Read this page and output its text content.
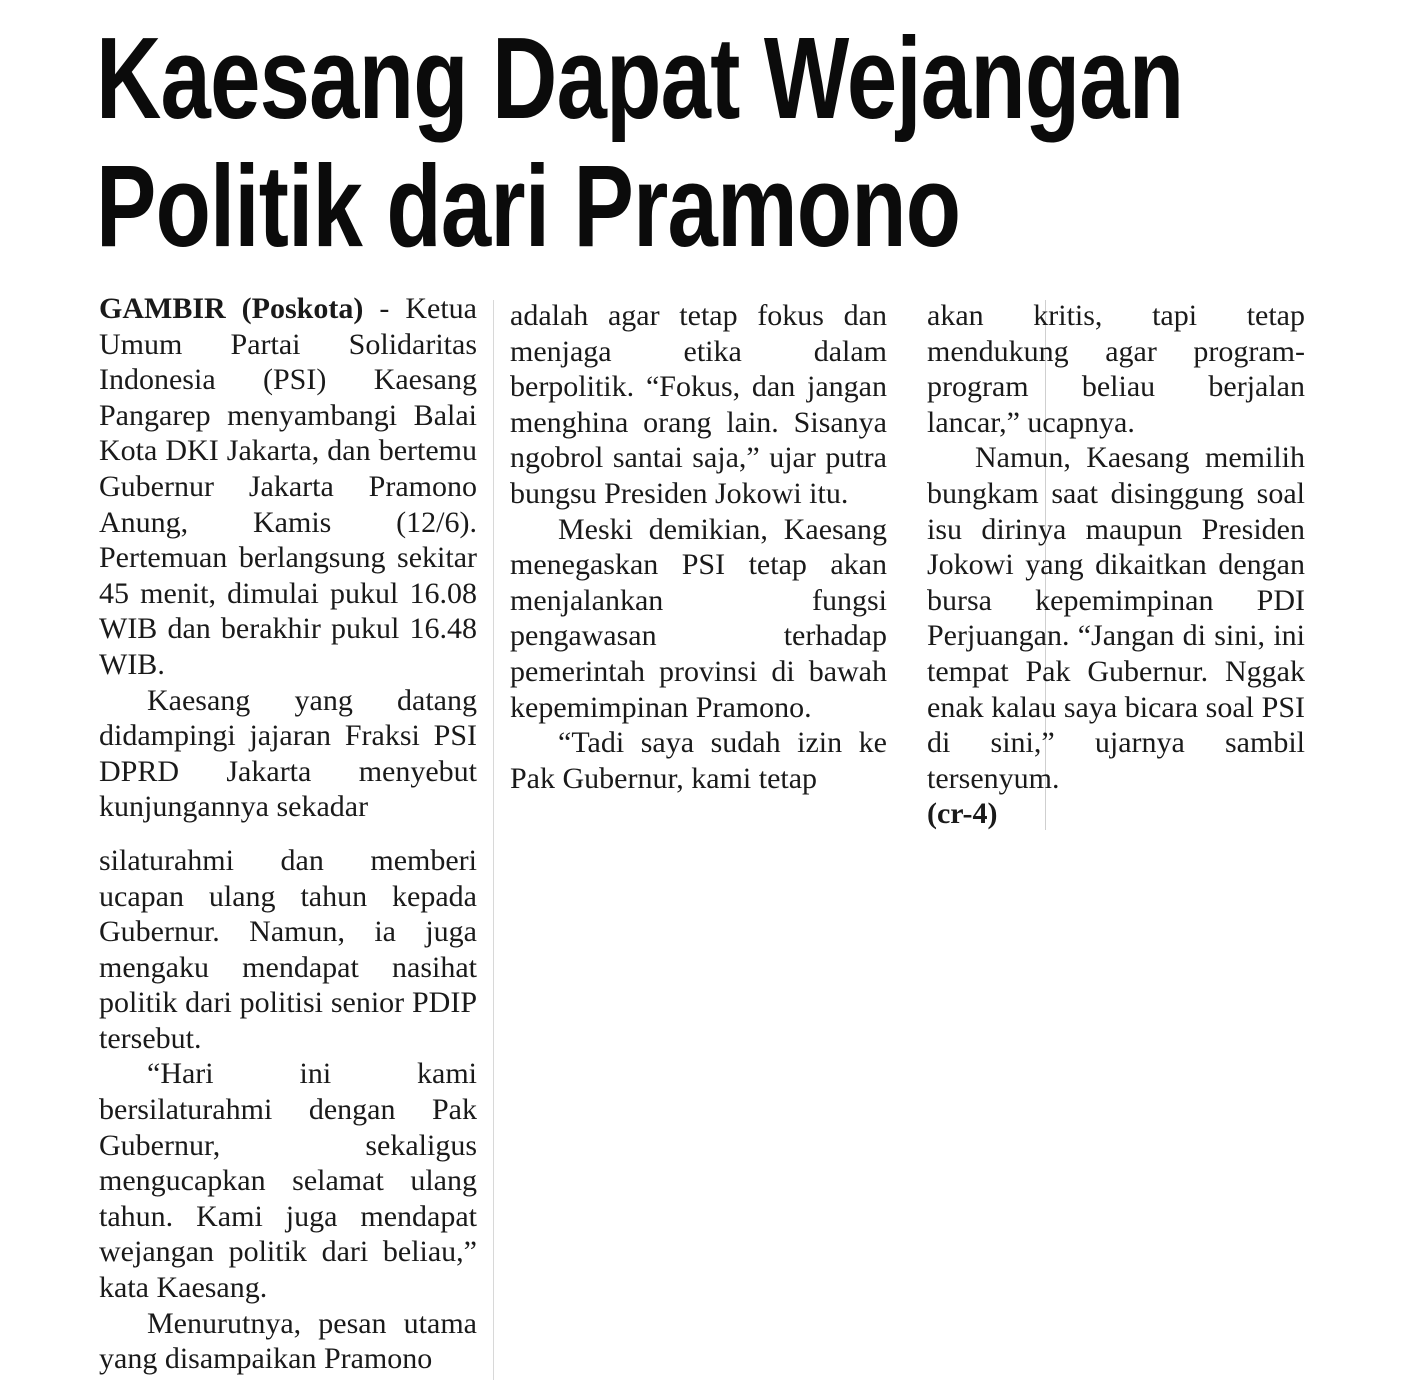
Kaesang Dapat Wejangan
Politik dari Pramono

GAMBIR (Poskota) - Ketua Umum Partai Solidaritas Indonesia (PSI) Kaesang Pangarep menyambangi Balai Kota DKI Jakarta, dan bertemu Gubernur Jakarta Pramono Anung, Kamis (12/6). Pertemuan berlangsung sekitar 45 menit, dimulai pukul 16.08 WIB dan berakhir pukul 16.48 WIB.

Kaesang yang datang didampingi jajaran Fraksi PSI DPRD Jakarta menyebut kunjungannya sekadar

silaturahmi dan memberi ucapan ulang tahun kepada Gubernur. Namun, ia juga mengaku mendapat nasihat politik dari politisi senior PDIP tersebut.

“Hari ini kami bersilaturahmi dengan Pak Gubernur, sekaligus mengucapkan selamat ulang tahun. Kami juga mendapat wejangan politik dari beliau,” kata Kaesang.

Menurutnya, pesan utama yang disampaikan Pramono

adalah agar tetap fokus dan menjaga etika dalam berpolitik. “Fokus, dan jangan menghina orang lain. Sisanya ngobrol santai saja,” ujar putra bungsu Presiden Jokowi itu.

Meski demikian, Kaesang menegaskan PSI tetap akan menjalankan fungsi pengawasan terhadap pemerintah provinsi di bawah kepemimpinan Pramono.

“Tadi saya sudah izin ke Pak Gubernur, kami tetap

akan kritis, tapi tetap mendukung agar program-program beliau berjalan lancar,” ucapnya.

Namun, Kaesang memilih bungkam saat disinggung soal isu dirinya maupun Presiden Jokowi yang dikaitkan dengan bursa kepemimpinan PDI Perjuangan. “Jangan di sini, ini tempat Pak Gubernur. Nggak enak kalau saya bicara soal PSI di sini,” ujarnya sambil tersenyum.

(cr-4)
